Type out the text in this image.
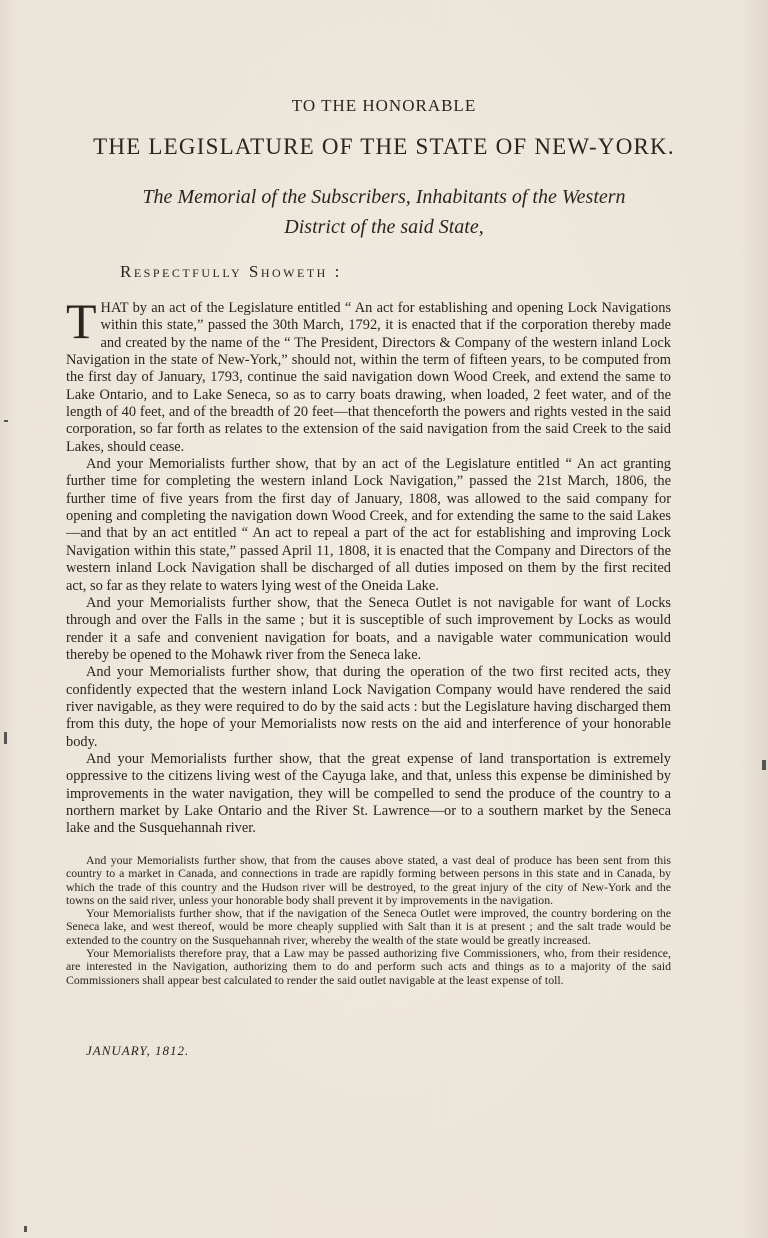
TO THE HONORABLE
THE LEGISLATURE OF THE STATE OF NEW-YORK.
The Memorial of the Subscribers, Inhabitants of the Western
District of the said State,
Respectfully Showeth :

THAT by an act of the Legislature entitled “ An act for establishing and opening Lock Navigations within this state,” passed the 30th March, 1792, it is enacted that if the corporation thereby made and created by the name of the “ The President, Directors & Company of the western inland Lock Navigation in the state of New-York,” should not, within the term of fifteen years, to be computed from the first day of January, 1793, continue the said navigation down Wood Creek, and extend the same to Lake Ontario, and to Lake Seneca, so as to carry boats drawing, when loaded, 2 feet water, and of the length of 40 feet, and of the breadth of 20 feet—that thenceforth the powers and rights vested in the said corporation, so far forth as relates to the extension of the said navigation from the said Creek to the said Lakes, should cease.

And your Memorialists further show, that by an act of the Legislature entitled “ An act granting further time for completing the western inland Lock Navigation,” passed the 21st March, 1806, the further time of five years from the first day of January, 1808, was allowed to the said company for opening and completing the navigation down Wood Creek, and for extending the same to the said Lakes—and that by an act entitled “ An act to repeal a part of the act for establishing and improving Lock Navigation within this state,” passed April 11, 1808, it is enacted that the Company and Directors of the western inland Lock Navigation shall be discharged of all duties imposed on them by the first recited act, so far as they relate to waters lying west of the Oneida Lake.

And your Memorialists further show, that the Seneca Outlet is not navigable for want of Locks through and over the Falls in the same ; but it is susceptible of such improvement by Locks as would render it a safe and convenient navigation for boats, and a navigable water communication would thereby be opened to the Mohawk river from the Seneca lake.

And your Memorialists further show, that during the operation of the two first recited acts, they confidently expected that the western inland Lock Navigation Company would have rendered the said river navigable, as they were required to do by the said acts : but the Legislature having discharged them from this duty, the hope of your Memorialists now rests on the aid and interference of your honorable body.

And your Memorialists further show, that the great expense of land transportation is extremely oppressive to the citizens living west of the Cayuga lake, and that, unless this expense be diminished by improvements in the water navigation, they will be compelled to send the produce of the country to a northern market by Lake Ontario and the River St. Lawrence—or to a southern market by the Seneca lake and the Susquehannah river.

And your Memorialists further show, that from the causes above stated, a vast deal of produce has been sent from this country to a market in Canada, and connections in trade are rapidly forming between persons in this state and in Canada, by which the trade of this country and the Hudson river will be destroyed, to the great injury of the city of New-York and the towns on the said river, unless your honorable body shall prevent it by improvements in the navigation.

Your Memorialists further show, that if the navigation of the Seneca Outlet were improved, the country bordering on the Seneca lake, and west thereof, would be more cheaply supplied with Salt than it is at present ; and the salt trade would be extended to the country on the Susquehannah river, whereby the wealth of the state would be greatly increased.

Your Memorialists therefore pray, that a Law may be passed authorizing five Commissioners, who, from their residence, are interested in the Navigation, authorizing them to do and perform such acts and things as to a majority of the said Commissioners shall appear best calculated to render the said outlet navigable at the least expense of toll.

JANUARY, 1812.
